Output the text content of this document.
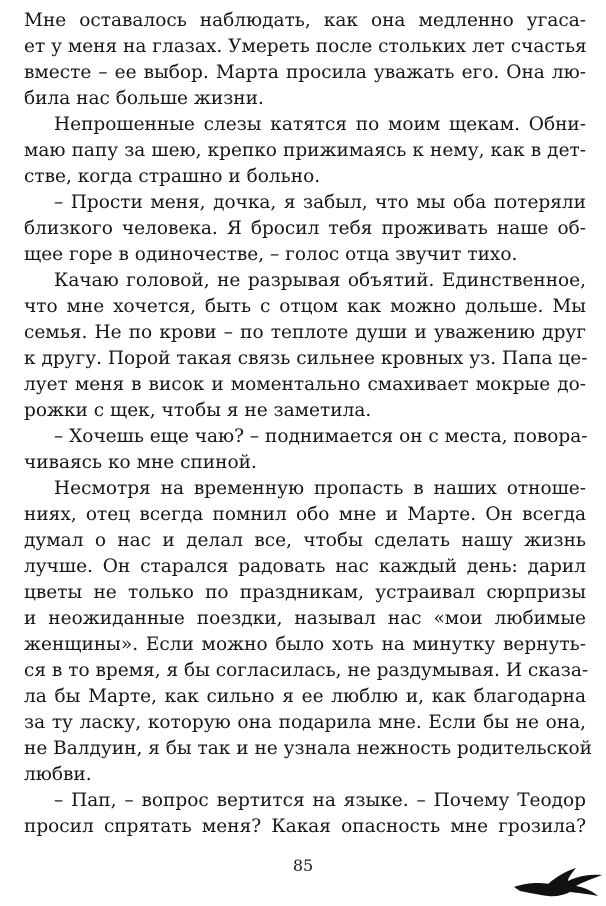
Мне оставалось наблюдать, как она медленно угаса-
ет у меня на глазах. Умереть после стольких лет счастья
вместе – ее выбор. Марта просила уважать его. Она лю-
била нас больше жизни.
Непрошенные слезы катятся по моим щекам. Обни-
маю папу за шею, крепко прижимаясь к нему, как в дет-
стве, когда страшно и больно.
– Прости меня, дочка, я забыл, что мы оба потеряли
близкого человека. Я бросил тебя проживать наше об-
щее горе в одиночестве, – голос отца звучит тихо.
Качаю головой, не разрывая объятий. Единственное,
что мне хочется, быть с отцом как можно дольше. Мы
семья. Не по крови – по теплоте души и уважению друг
к другу. Порой такая связь сильнее кровных уз. Папа це-
лует меня в висок и моментально смахивает мокрые до-
рожки с щек, чтобы я не заметила.
– Хочешь еще чаю? – поднимается он с места, повора-
чиваясь ко мне спиной.
Несмотря на временную пропасть в наших отноше-
ниях, отец всегда помнил обо мне и Марте. Он всегда
думал о нас и делал все, чтобы сделать нашу жизнь
лучше. Он старался радовать нас каждый день: дарил
цветы не только по праздникам, устраивал сюрпризы
и неожиданные поездки, называл нас «мои любимые
женщины». Если можно было хоть на минутку вернуть-
ся в то время, я бы согласилась, не раздумывая. И сказа-
ла бы Марте, как сильно я ее люблю и, как благодарна
за ту ласку, которую она подарила мне. Если бы не она,
не Валдуин, я бы так и не узнала нежность родительской
любви.
– Пап, – вопрос вертится на языке. – Почему Теодор
просил спрятать меня? Какая опасность мне грозила?
85
